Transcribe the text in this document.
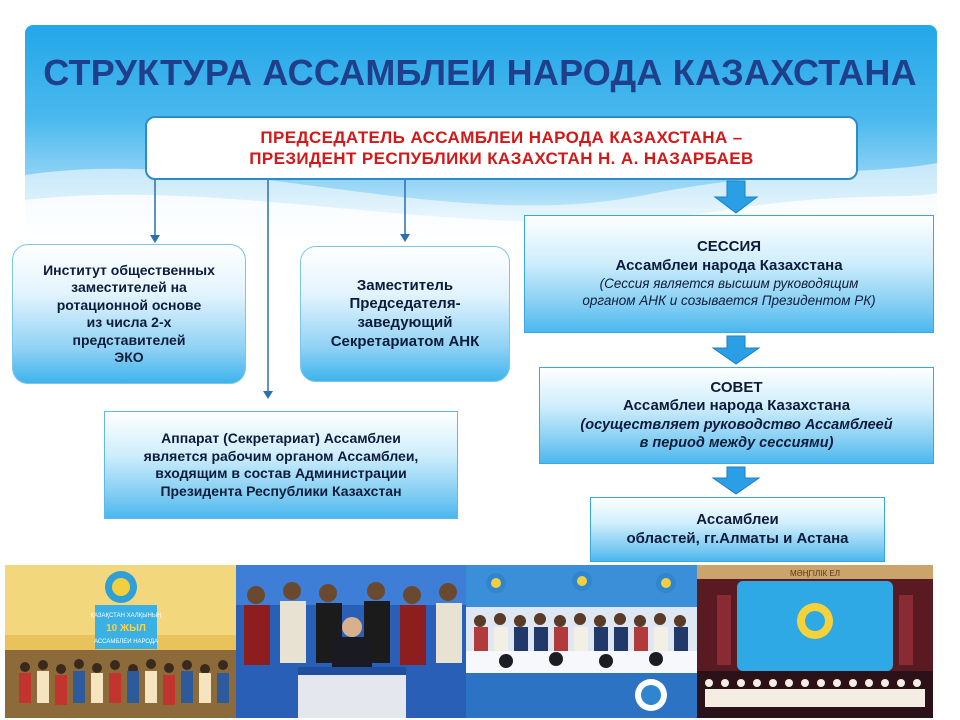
СТРУКТУРА АССАМБЛЕИ НАРОДА КАЗАХСТАНА
ПРЕДСЕДАТЕЛЬ АССАМБЛЕИ НАРОДА КАЗАХСТАНА –
ПРЕЗИДЕНТ РЕСПУБЛИКИ КАЗАХСТАН Н. А. НАЗАРБАЕВ
Институт общественных
заместителей на
ротационной основе
из числа 2-х
представителей
ЭКО
Заместитель
Председателя-
заведующий
Секретариатом АНК
Аппарат (Секретариат) Ассамблеи
является рабочим органом Ассамблеи,
входящим в состав Администрации
Президента Республики Казахстан
СЕССИЯ
Ассамблеи народа Казахстана
(Сессия является высшим руководящим
органом АНК и созывается Президентом РК)
СОВЕТ
Ассамблеи народа Казахстана
(осуществляет руководство Ассамблеей
в период между сессиями)
Ассамблеи
областей, гг.Алматы и Астана
ҚАЗАҚСТАН ХАЛҚЫНЫҢ
10 ЖЫЛ
АССАМБЛЕИ НАРОДА
МӘҢГІЛІК ЕЛ
